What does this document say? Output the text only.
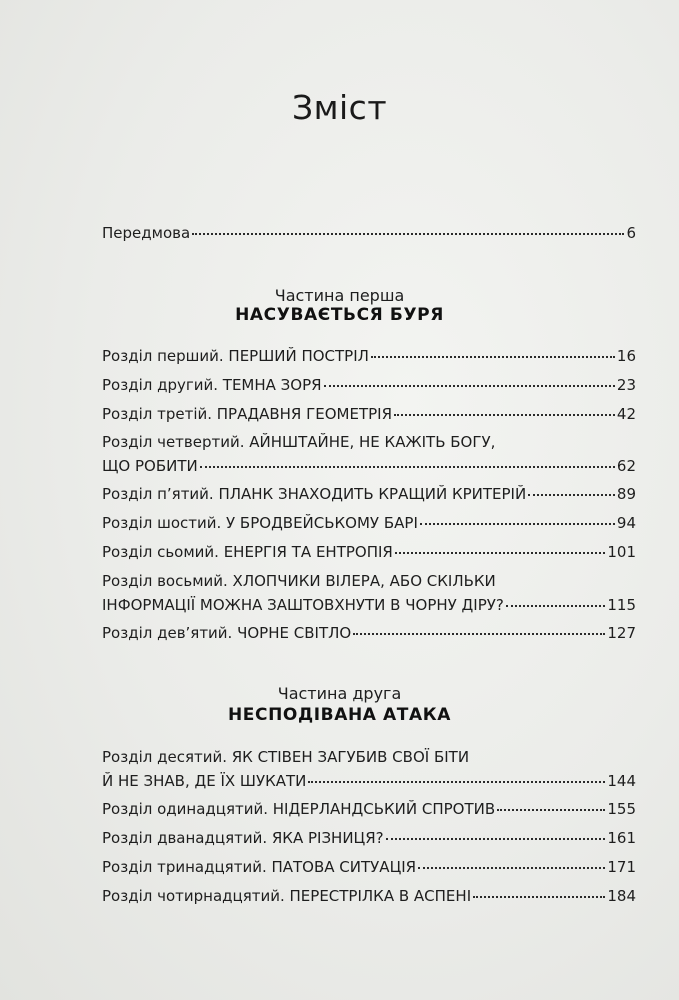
Зміст
Передмова	6
Частина перша
НАСУВАЄТЬСЯ БУРЯ
Розділ перший. ПЕРШИЙ ПОСТРІЛ	16
Розділ другий. ТЕМНА ЗОРЯ	23
Розділ третій. ПРАДАВНЯ ГЕОМЕТРІЯ	42
Розділ четвертий. АЙНШТАЙНЕ, НЕ КАЖІТЬ БОГУ,
ЩО РОБИТИ	62
Розділ п’ятий. ПЛАНК ЗНАХОДИТЬ КРАЩИЙ КРИТЕРІЙ	89
Розділ шостий. У БРОДВЕЙСЬКОМУ БАРІ	94
Розділ сьомий. ЕНЕРГІЯ ТА ЕНТРОПІЯ	101
Розділ восьмий. ХЛОПЧИКИ ВІЛЕРА, АБО СКІЛЬКИ
ІНФОРМАЦІЇ МОЖНА ЗАШТОВХНУТИ В ЧОРНУ ДІРУ?	115
Розділ дев’ятий. ЧОРНЕ СВІТЛО	127
Частина друга
НЕСПОДІВАНА АТАКА
Розділ десятий. ЯК СТІВЕН ЗАГУБИВ СВОЇ БІТИ
Й НЕ ЗНАВ, ДЕ ЇХ ШУКАТИ	144
Розділ одинадцятий. НІДЕРЛАНДСЬКИЙ СПРОТИВ	155
Розділ дванадцятий. ЯКА РІЗНИЦЯ?	161
Розділ тринадцятий. ПАТОВА СИТУАЦІЯ	171
Розділ чотирнадцятий. ПЕРЕСТРІЛКА В АСПЕНІ	184
